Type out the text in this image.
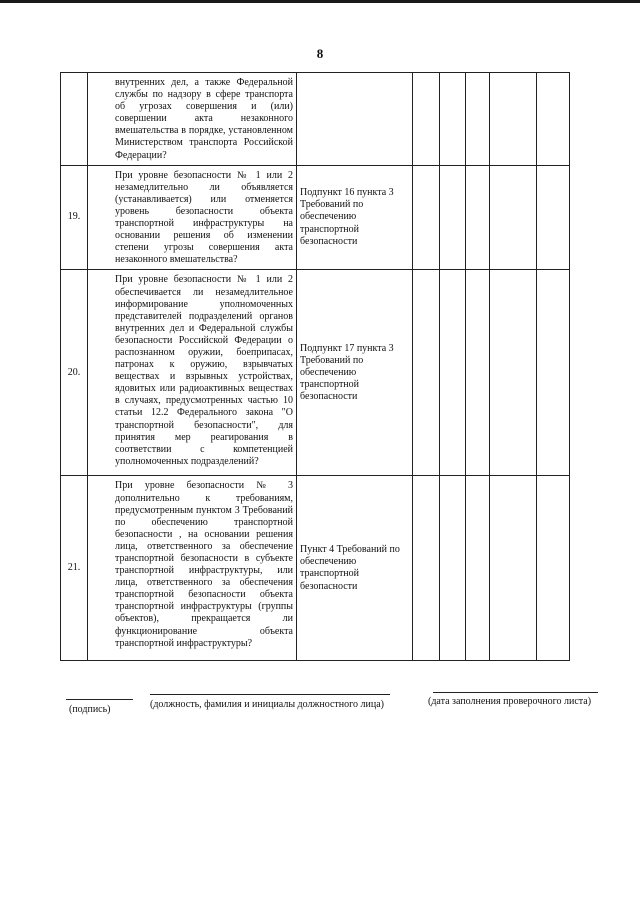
8
	внутренних дел, а также Федеральной службы по надзору в сфере транспорта об угрозах совершения и (или) совершении акта незаконного вмешательства в порядке, установленном Министерством транспорта Российской Федерации?						
19.	При уровне безопасности № 1 или 2 незамедлительно ли объявляется (устанавливается) или отменяется уровень безопасности объекта транспортной инфраструктуры на основании решения об изменении степени угрозы совершения акта незаконного вмешательства?	Подпункт 16 пункта 3 Требований по обеспечению транспортной безопасности					
20.	При уровне безопасности № 1 или 2 обеспечивается ли незамедлительное информирование уполномоченных представителей подразделений органов внутренних дел и Федеральной службы безопасности Российской Федерации о распознанном оружии, боеприпасах, патронах к оружию, взрывчатых веществах и взрывных устройствах, ядовитых или радиоактивных веществах в случаях, предусмотренных частью 10 статьи 12.2 Федерального закона "О транспортной безопасности", для принятия мер реагирования в соответствии с компетенцией уполномоченных подразделений?	Подпункт 17 пункта 3 Требований по обеспечению транспортной безопасности					
21.	При уровне безопасности № 3 дополнительно к требованиям, предусмотренным пунктом 3 Требований по обеспечению транспортной безопасности , на основании решения лица, ответственного за обеспечение транспортной безопасности в субъекте транспортной инфраструктуры, или лица, ответственного за обеспечения транспортной безопасности объекта транспортной инфраструктуры (группы объектов), прекращается ли функционирование объекта транспортной инфраструктуры?	Пункт 4 Требований по обеспечению транспортной безопасности					
(подпись)	(должность, фамилия и инициалы должностного лица)	(дата заполнения проверочного листа)
